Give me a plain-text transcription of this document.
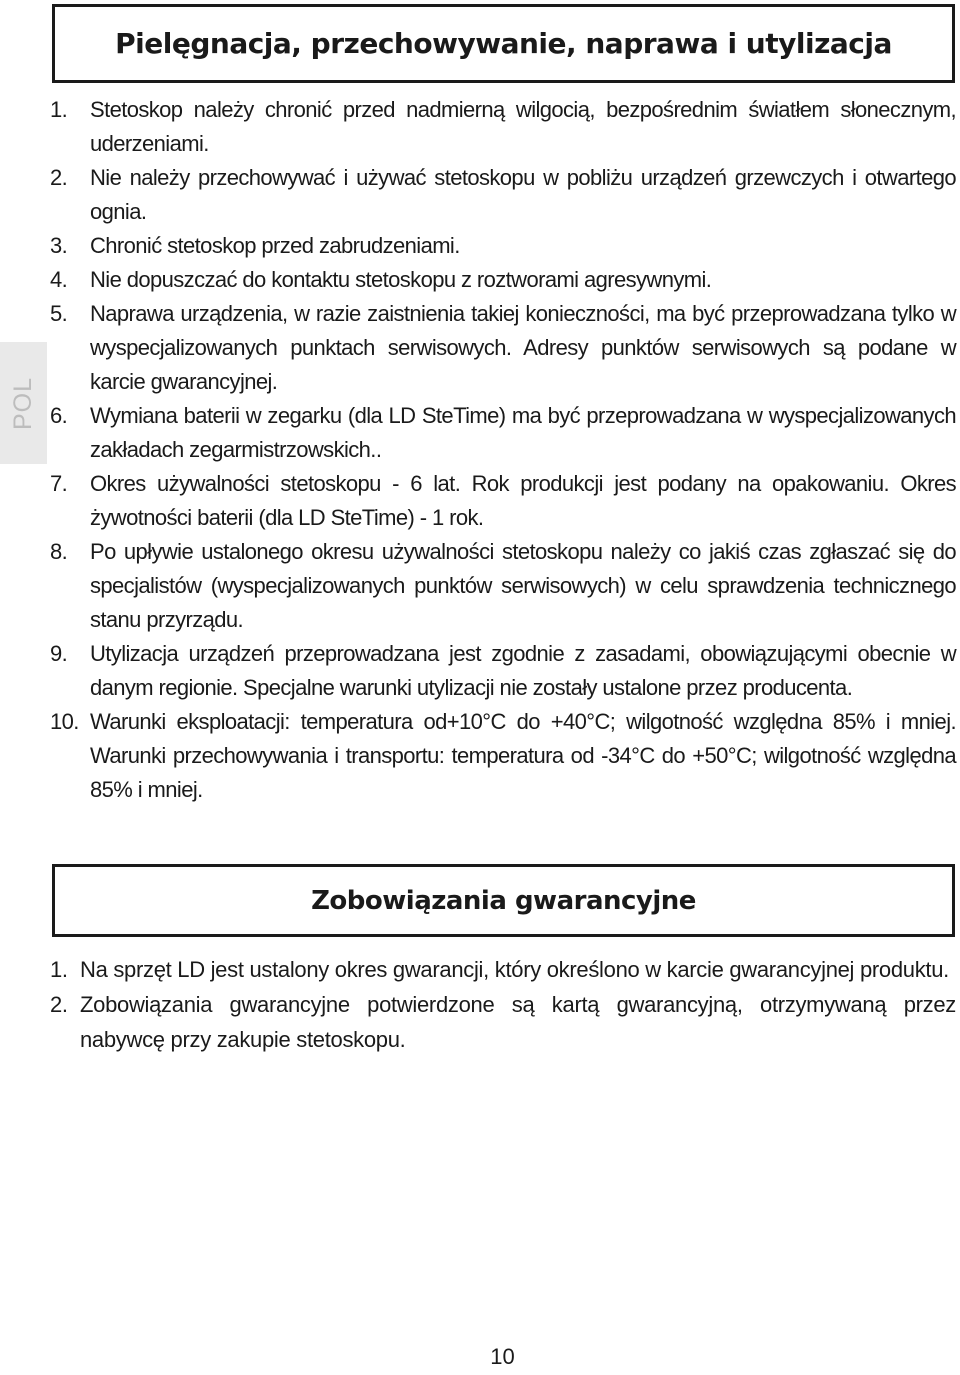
POL
Pielęgnacja, przechowywanie, naprawa i utylizacja
1.	Stetoskop należy chronić przed nadmierną wilgocią, bezpośrednim światłem słonecznym, uderzeniami.
2.	Nie należy przechowywać i używać stetoskopu w pobliżu urządzeń grzewczych i otwartego ognia.
3.	Chronić stetoskop przed zabrudzeniami.
4.	Nie dopuszczać do kontaktu stetoskopu z roztworami agresywnymi.
5.	Naprawa urządzenia, w razie zaistnienia takiej konieczności, ma być przeprowadzana tylko w wyspecjalizowanych punktach serwisowych. Adresy punktów serwisowych są podane w karcie gwarancyjnej.
6.	Wymiana baterii w zegarku (dla LD SteTime) ma być przeprowadzana w wyspecjalizowanych zakładach zegarmistrzowskich..
7.	Okres używalności stetoskopu - 6 lat. Rok produkcji jest podany na opakowaniu. Okres żywotności baterii (dla LD SteTime) - 1 rok.
8.	Po upływie ustalonego okresu używalności stetoskopu należy co jakiś czas zgłaszać się do specjalistów (wyspecjalizowanych punktów serwisowych) w celu sprawdzenia technicznego stanu przyrządu.
9.	Utylizacja urządzeń przeprowadzana jest zgodnie z zasadami, obowiązującymi obecnie w danym regionie. Specjalne warunki utylizacji nie zostały ustalone przez producenta.
10. Warunki eksploatacji: temperatura od+10°C do +40°C; wilgotność względna 85% i mniej. Warunki przechowywania i transportu: temperatura od -34°C do +50°C; wilgotność względna 85% i mniej.
Zobowiązania gwarancyjne
1. Na sprzęt LD jest ustalony okres gwarancji, który określono w karcie gwarancyjnej produktu.
2. Zobowiązania gwarancyjne potwierdzone są kartą gwarancyjną, otrzymywaną przez nabywcę przy zakupie stetoskopu.
10
